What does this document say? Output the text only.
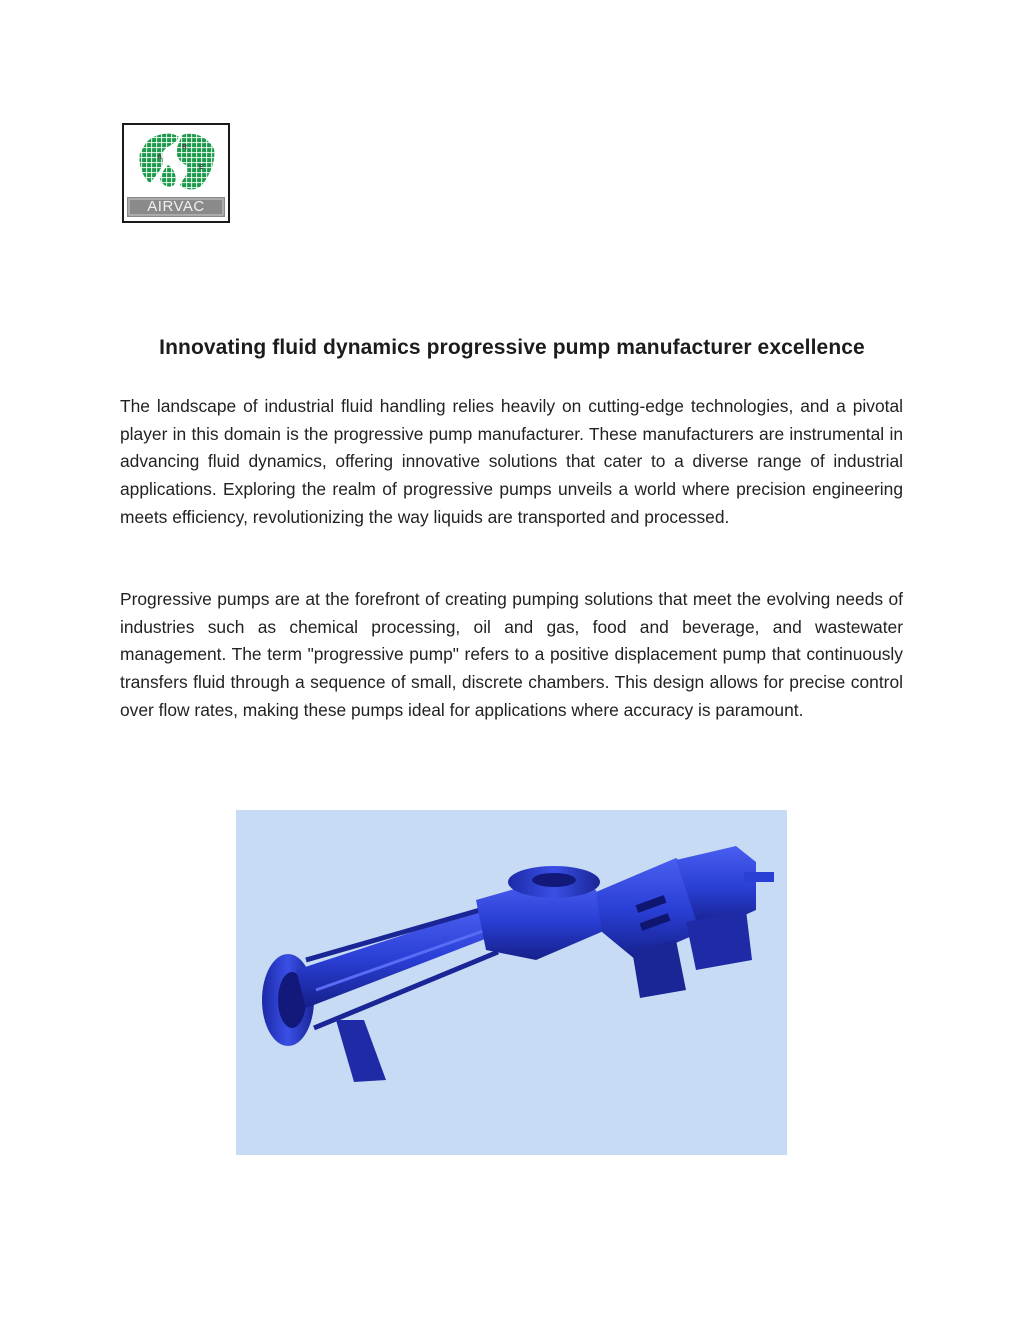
A
R
E
AIRVAC
Innovating fluid dynamics progressive pump manufacturer excellence

The landscape of industrial fluid handling relies heavily on cutting-edge technologies, and a pivotal player in this domain is the progressive pump manufacturer. These manufacturers are instrumental in advancing fluid dynamics, offering innovative solutions that cater to a diverse range of industrial applications. Exploring the realm of progressive pumps unveils a world where precision engineering meets efficiency, revolutionizing the way liquids are transported and processed.

Progressive pumps are at the forefront of creating pumping solutions that meet the evolving needs of industries such as chemical processing, oil and gas, food and beverage, and wastewater management. The term "progressive pump" refers to a positive displacement pump that continuously transfers fluid through a sequence of small, discrete chambers. This design allows for precise control over flow rates, making these pumps ideal for applications where accuracy is paramount.
